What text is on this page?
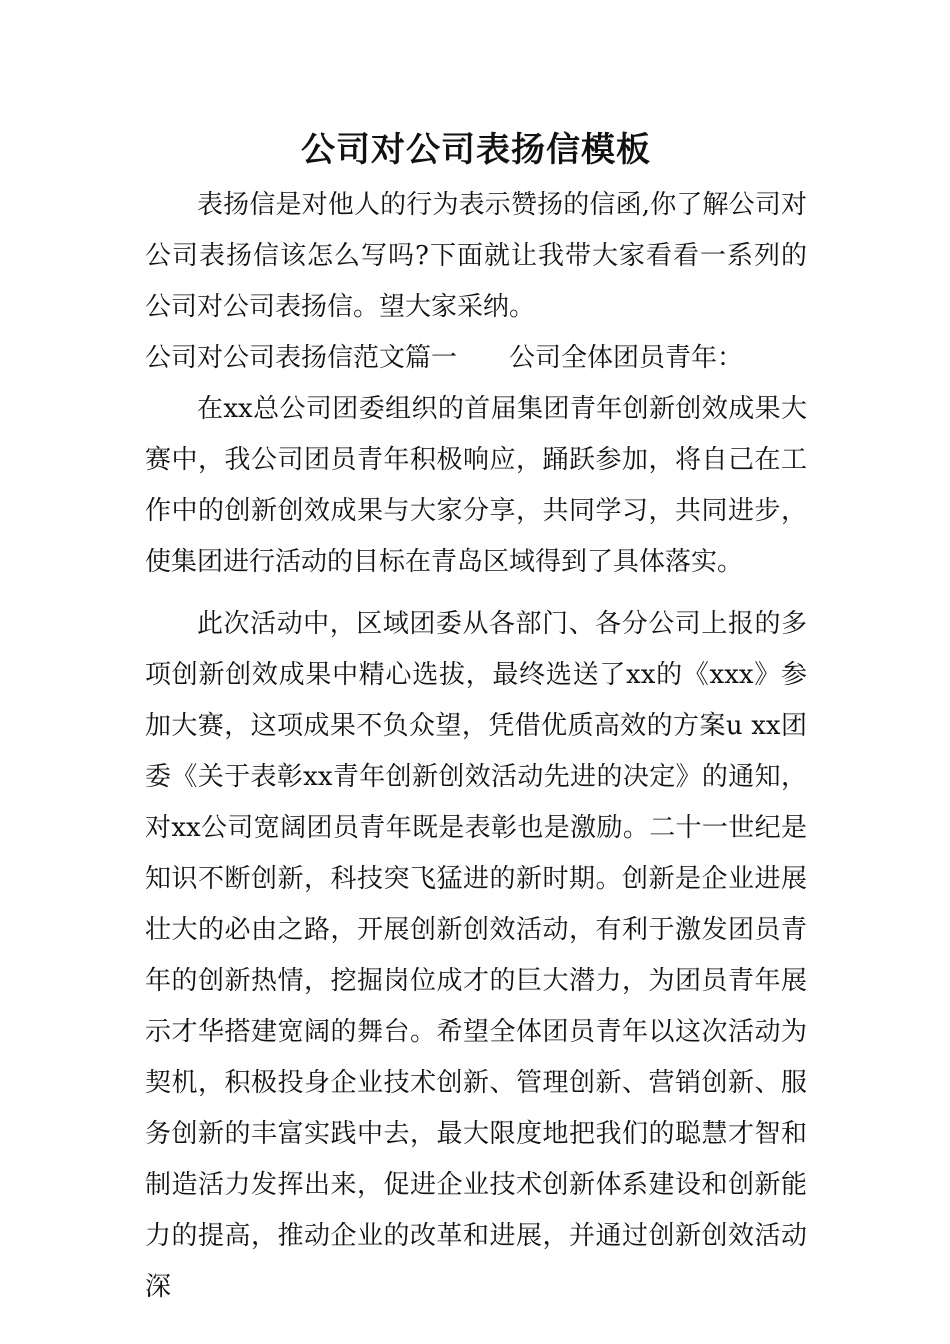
公司对公司表扬信模板

表扬信是对他人的行为表示赞扬的信函,你了解公司对公司表扬信该怎么写吗?下面就让我带大家看看一系列的公司对公司表扬信。望大家采纳。

公司对公司表扬信范文篇一　　公司全体团员青年：

在xx总公司团委组织的首届集团青年创新创效成果大赛中，我公司团员青年积极响应，踊跃参加，将自己在工作中的创新创效成果与大家分享，共同学习，共同进步，使集团进行活动的目标在青岛区域得到了具体落实。

此次活动中，区域团委从各部门、各分公司上报的多项创新创效成果中精心选拔，最终选送了xx的《xxx》参加大赛，这项成果不负众望，凭借优质高效的方案u xx团委《关于表彰xx青年创新创效活动先进的决定》的通知，对xx公司宽阔团员青年既是表彰也是激励。二十一世纪是知识不断创新，科技突飞猛进的新时期。创新是企业进展壮大的必由之路，开展创新创效活动，有利于激发团员青年的创新热情，挖掘岗位成才的巨大潜力，为团员青年展示才华搭建宽阔的舞台。希望全体团员青年以这次活动为契机，积极投身企业技术创新、管理创新、营销创新、服务创新的丰富实践中去，最大限度地把我们的聪慧才智和制造活力发挥出来，促进企业技术创新体系建设和创新能力的提高，推动企业的改革和进展，并通过创新创效活动深
